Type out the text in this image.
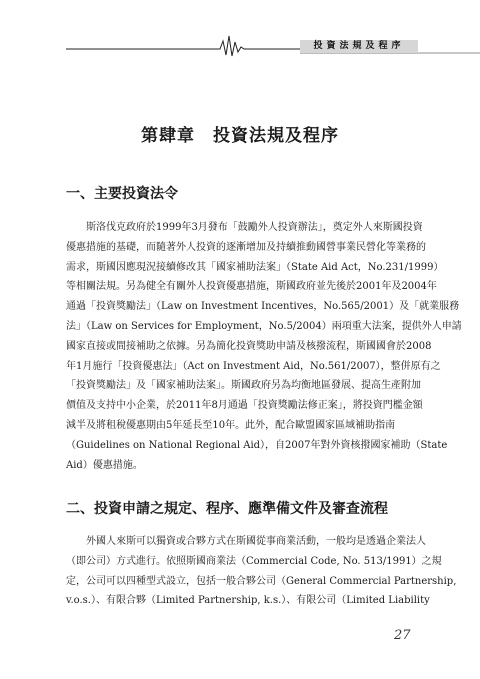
投資法規及程序
第肆章　投資法規及程序
一、主要投資法令
　　斯洛伐克政府於1999年3月發布「鼓勵外人投資辦法」，奠定外人來斯國投資
優惠措施的基礎，而隨著外人投資的逐漸增加及持續推動國營事業民營化等業務的
需求，斯國因應現況接續修改其「國家補助法案」（State Aid Act，No.231/1999）
等相關法規。另為健全有關外人投資優惠措施，斯國政府並先後於2001年及2004年
通過「投資獎勵法」（Law on Investment Incentives，No.565/2001）及「就業服務
法」（Law on Services for Employment，No.5/2004）兩項重大法案，提供外人申請
國家直接或間接補助之依據。另為簡化投資獎助申請及核撥流程，斯國國會於2008
年1月施行「投資優惠法」（Act on Investment Aid，No.561/2007），整併原有之
「投資獎勵法」及「國家補助法案」。斯國政府另為均衡地區發展、提高生產附加
價值及支持中小企業，於2011年8月通過「投資獎勵法修正案」，將投資門檻金額
減半及將租稅優惠期由5年延長至10年。此外，配合歐盟國家區域補助指南
（Guidelines on National Regional Aid），自2007年對外資核撥國家補助（State
Aid）優惠措施。
二、投資申請之規定、程序、應準備文件及審查流程
　　外國人來斯可以獨資或合夥方式在斯國從事商業活動，一般均是透過企業法人
（即公司）方式進行。依照斯國商業法（Commercial Code, No. 513/1991）之規
定，公司可以四種型式設立，包括一般合夥公司（General Commercial Partnership,
v.o.s.）、有限合夥（Limited Partnership, k.s.）、有限公司（Limited Liability
27
